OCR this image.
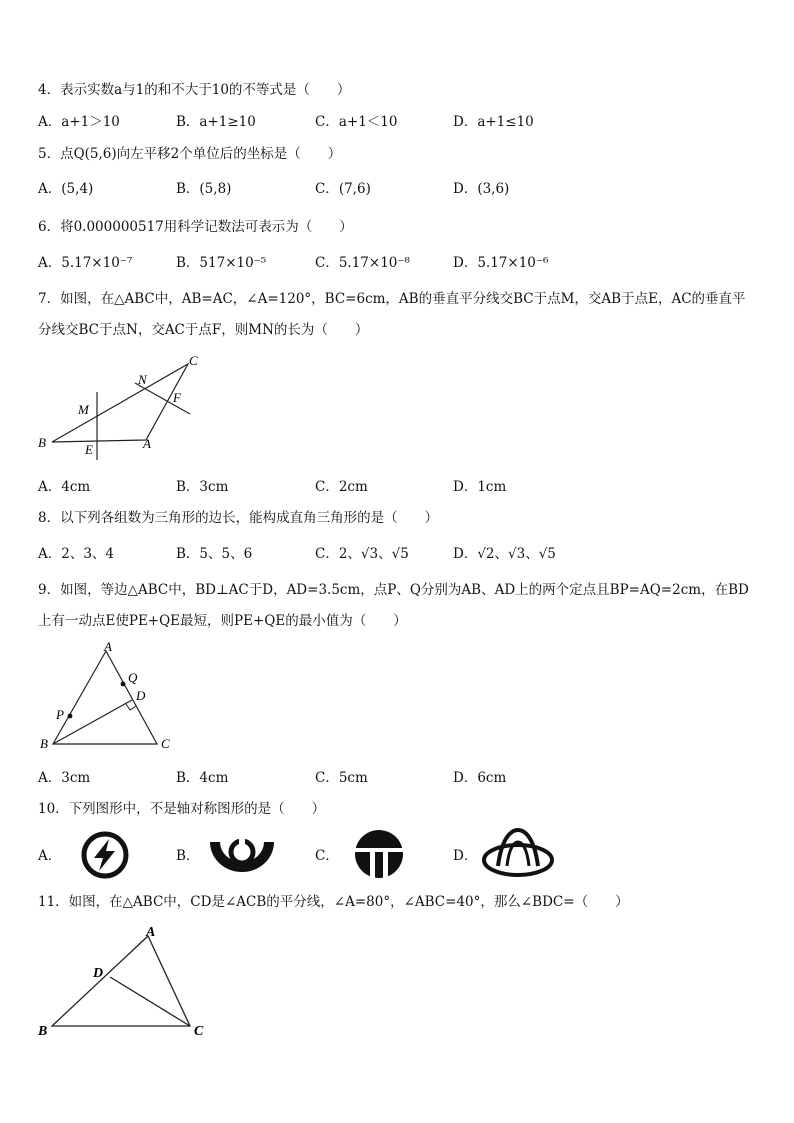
4．表示实数a与1的和不大于10的不等式是（　　）
A．a+1＞10	B．a+1≥10	C．a+1＜10	D．a+1≤10
5．点Q(5,6)向左平移2个单位后的坐标是（　　）
A．(5,4)	B．(5,8)	C．(7,6)	D．(3,6)
6．将0.000000517用科学记数法可表示为（　　）
A．5.17×10⁻⁷	B．517×10⁻⁵	C．5.17×10⁻⁸	D．5.17×10⁻⁶
7．如图，在△ABC中，AB=AC，∠A=120°，BC=6cm，AB的垂直平分线交BC于点M，交AB于点E，AC的垂直平
分线交BC于点N，交AC于点F，则MN的长为（　　）
B	E	A
M
N
F
C
A．4cm	B．3cm	C．2cm	D．1cm
8．以下列各组数为三角形的边长，能构成直角三角形的是（　　）
A．2、3、4	B．5、5、6	C．2、√3、√5	D．√2、√3、√5
9．如图，等边△ABC中，BD⊥AC于D，AD=3.5cm，点P、Q分别为AB、AD上的两个定点且BP=AQ=2cm，在BD
上有一动点E使PE+QE最短，则PE+QE的最小值为（　　）
A
Q
D
P
B	C
A．3cm	B．4cm	C．5cm	D．6cm
10．下列图形中，不是轴对称图形的是（　　）
A．	B．	C．	D．
11．如图，在△ABC中，CD是∠ACB的平分线，∠A=80°，∠ABC=40°，那么∠BDC=（　　）
A
D
B	C
